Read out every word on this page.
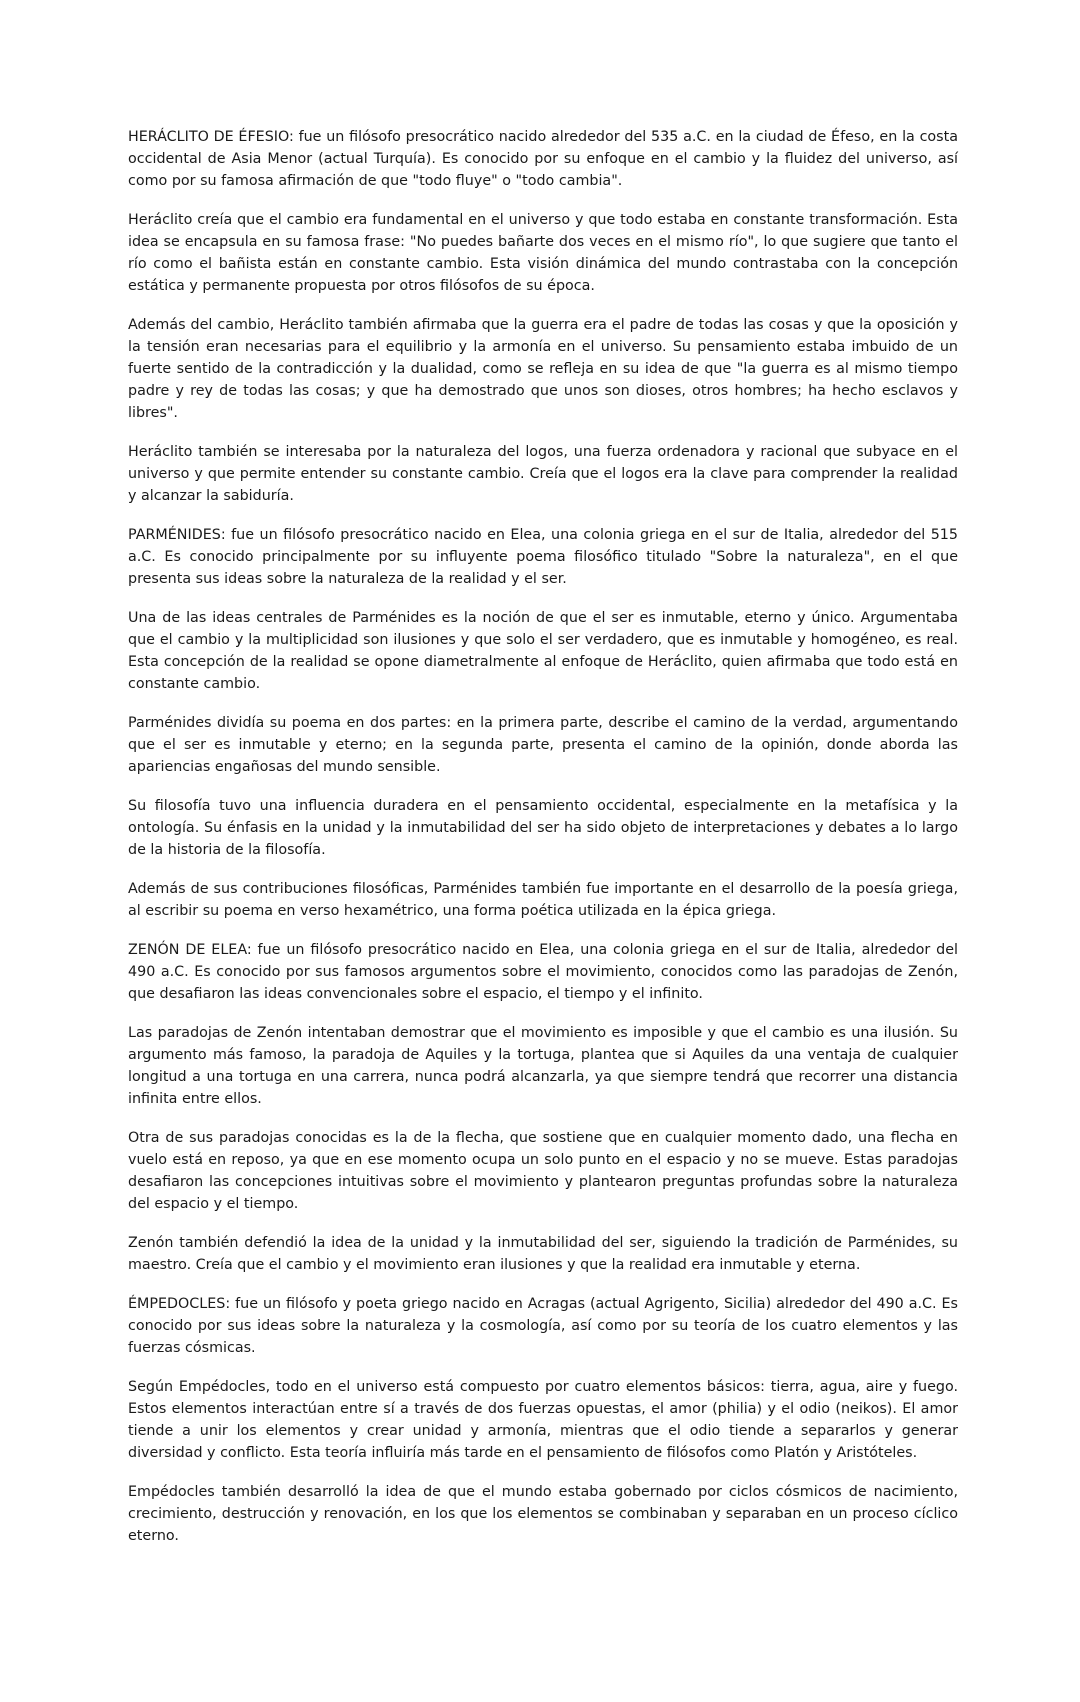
HERÁCLITO DE ÉFESIO: fue un filósofo presocrático nacido alrededor del 535 a.C. en la ciudad de Éfeso, en la costa occidental de Asia Menor (actual Turquía). Es conocido por su enfoque en el cambio y la fluidez del universo, así como por su famosa afirmación de que "todo fluye" o "todo cambia".

Heráclito creía que el cambio era fundamental en el universo y que todo estaba en constante transformación. Esta idea se encapsula en su famosa frase: "No puedes bañarte dos veces en el mismo río", lo que sugiere que tanto el río como el bañista están en constante cambio. Esta visión dinámica del mundo contrastaba con la concepción estática y permanente propuesta por otros filósofos de su época.

Además del cambio, Heráclito también afirmaba que la guerra era el padre de todas las cosas y que la oposición y la tensión eran necesarias para el equilibrio y la armonía en el universo. Su pensamiento estaba imbuido de un fuerte sentido de la contradicción y la dualidad, como se refleja en su idea de que "la guerra es al mismo tiempo padre y rey de todas las cosas; y que ha demostrado que unos son dioses, otros hombres; ha hecho esclavos y libres".

Heráclito también se interesaba por la naturaleza del logos, una fuerza ordenadora y racional que subyace en el universo y que permite entender su constante cambio. Creía que el logos era la clave para comprender la realidad y alcanzar la sabiduría.

PARMÉNIDES: fue un filósofo presocrático nacido en Elea, una colonia griega en el sur de Italia, alrededor del 515 a.C. Es conocido principalmente por su influyente poema filosófico titulado "Sobre la naturaleza", en el que presenta sus ideas sobre la naturaleza de la realidad y el ser.

Una de las ideas centrales de Parménides es la noción de que el ser es inmutable, eterno y único. Argumentaba que el cambio y la multiplicidad son ilusiones y que solo el ser verdadero, que es inmutable y homogéneo, es real. Esta concepción de la realidad se opone diametralmente al enfoque de Heráclito, quien afirmaba que todo está en constante cambio.

Parménides dividía su poema en dos partes: en la primera parte, describe el camino de la verdad, argumentando que el ser es inmutable y eterno; en la segunda parte, presenta el camino de la opinión, donde aborda las apariencias engañosas del mundo sensible.

Su filosofía tuvo una influencia duradera en el pensamiento occidental, especialmente en la metafísica y la ontología. Su énfasis en la unidad y la inmutabilidad del ser ha sido objeto de interpretaciones y debates a lo largo de la historia de la filosofía.

Además de sus contribuciones filosóficas, Parménides también fue importante en el desarrollo de la poesía griega, al escribir su poema en verso hexamétrico, una forma poética utilizada en la épica griega.

ZENÓN DE ELEA: fue un filósofo presocrático nacido en Elea, una colonia griega en el sur de Italia, alrededor del 490 a.C. Es conocido por sus famosos argumentos sobre el movimiento, conocidos como las paradojas de Zenón, que desafiaron las ideas convencionales sobre el espacio, el tiempo y el infinito.

Las paradojas de Zenón intentaban demostrar que el movimiento es imposible y que el cambio es una ilusión. Su argumento más famoso, la paradoja de Aquiles y la tortuga, plantea que si Aquiles da una ventaja de cualquier longitud a una tortuga en una carrera, nunca podrá alcanzarla, ya que siempre tendrá que recorrer una distancia infinita entre ellos.

Otra de sus paradojas conocidas es la de la flecha, que sostiene que en cualquier momento dado, una flecha en vuelo está en reposo, ya que en ese momento ocupa un solo punto en el espacio y no se mueve. Estas paradojas desafiaron las concepciones intuitivas sobre el movimiento y plantearon preguntas profundas sobre la naturaleza del espacio y el tiempo.

Zenón también defendió la idea de la unidad y la inmutabilidad del ser, siguiendo la tradición de Parménides, su maestro. Creía que el cambio y el movimiento eran ilusiones y que la realidad era inmutable y eterna.

ÉMPEDOCLES: fue un filósofo y poeta griego nacido en Acragas (actual Agrigento, Sicilia) alrededor del 490 a.C. Es conocido por sus ideas sobre la naturaleza y la cosmología, así como por su teoría de los cuatro elementos y las fuerzas cósmicas.

Según Empédocles, todo en el universo está compuesto por cuatro elementos básicos: tierra, agua, aire y fuego. Estos elementos interactúan entre sí a través de dos fuerzas opuestas, el amor (philia) y el odio (neikos). El amor tiende a unir los elementos y crear unidad y armonía, mientras que el odio tiende a separarlos y generar diversidad y conflicto. Esta teoría influiría más tarde en el pensamiento de filósofos como Platón y Aristóteles.

Empédocles también desarrolló la idea de que el mundo estaba gobernado por ciclos cósmicos de nacimiento, crecimiento, destrucción y renovación, en los que los elementos se combinaban y separaban en un proceso cíclico eterno.
